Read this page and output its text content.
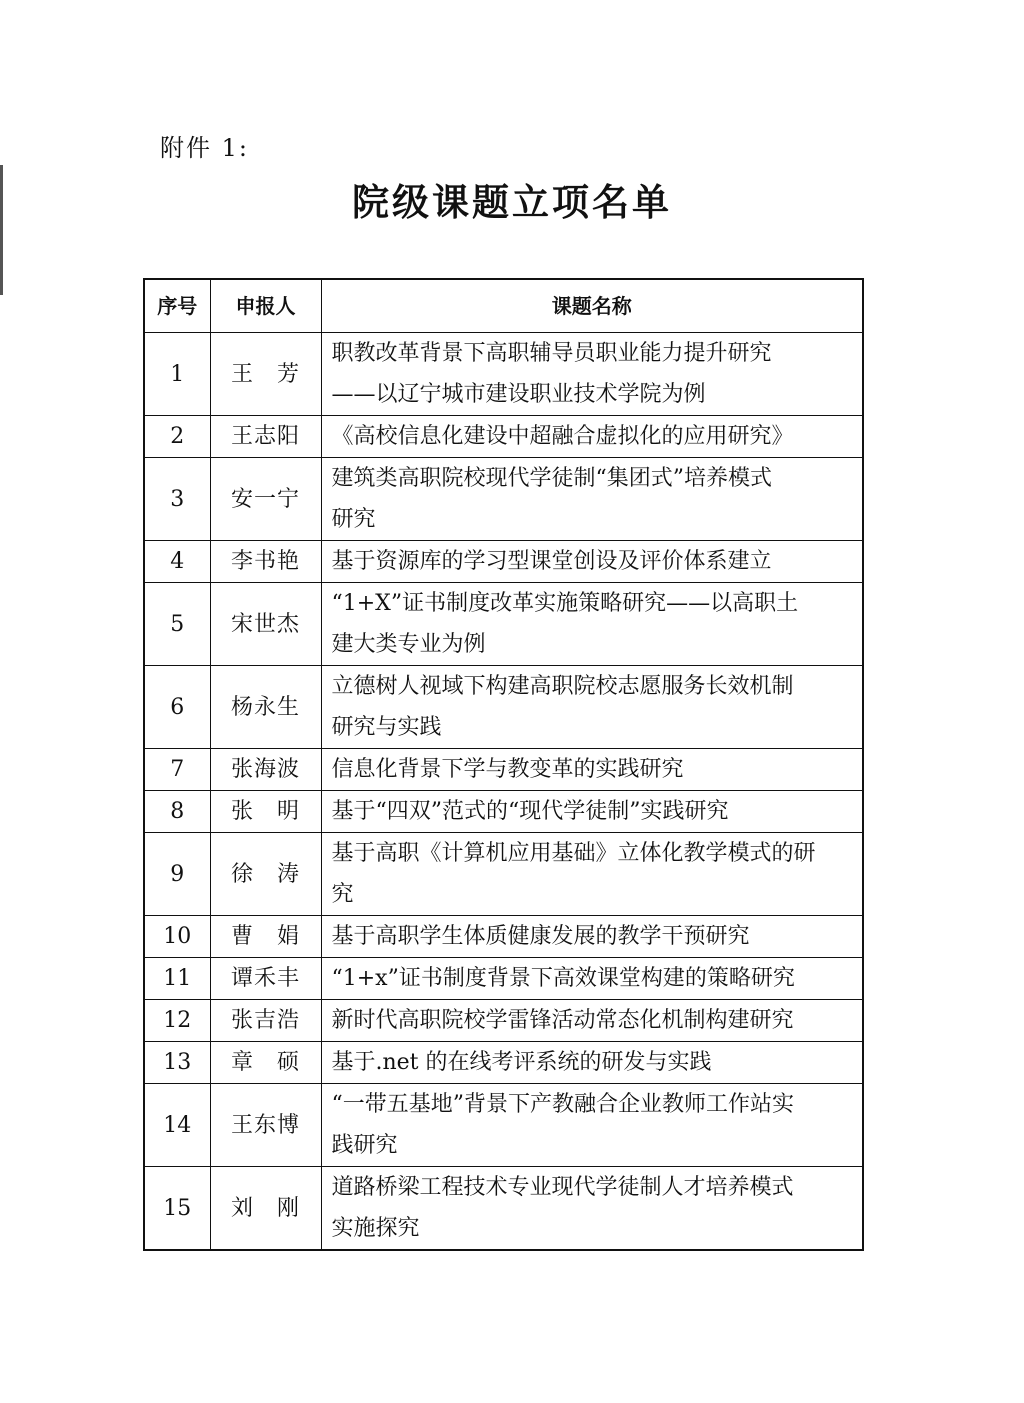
附件 1:
院级课题立项名单
序号	申报人	课题名称
1	王　芳	职教改革背景下高职辅导员职业能力提升研究
——以辽宁城市建设职业技术学院为例

2	王志阳	《高校信息化建设中超融合虚拟化的应用研究》

3	安一宁	建筑类高职院校现代学徒制“集团式”培养模式
研究

4	李书艳	基于资源库的学习型课堂创设及评价体系建立

5	宋世杰	“1+X”证书制度改革实施策略研究——以高职土
建大类专业为例

6	杨永生	立德树人视域下构建高职院校志愿服务长效机制
研究与实践

7	张海波	信息化背景下学与教变革的实践研究

8	张　明	基于“四双”范式的“现代学徒制”实践研究

9	徐　涛	基于高职《计算机应用基础》立体化教学模式的研
究

10	曹　娟	基于高职学生体质健康发展的教学干预研究

11	谭禾丰	“1+x”证书制度背景下高效课堂构建的策略研究

12	张吉浩	新时代高职院校学雷锋活动常态化机制构建研究

13	章　硕	基于.net 的在线考评系统的研发与实践

14	王东博	“一带五基地”背景下产教融合企业教师工作站实
践研究

15	刘　刚	道路桥梁工程技术专业现代学徒制人才培养模式
实施探究
